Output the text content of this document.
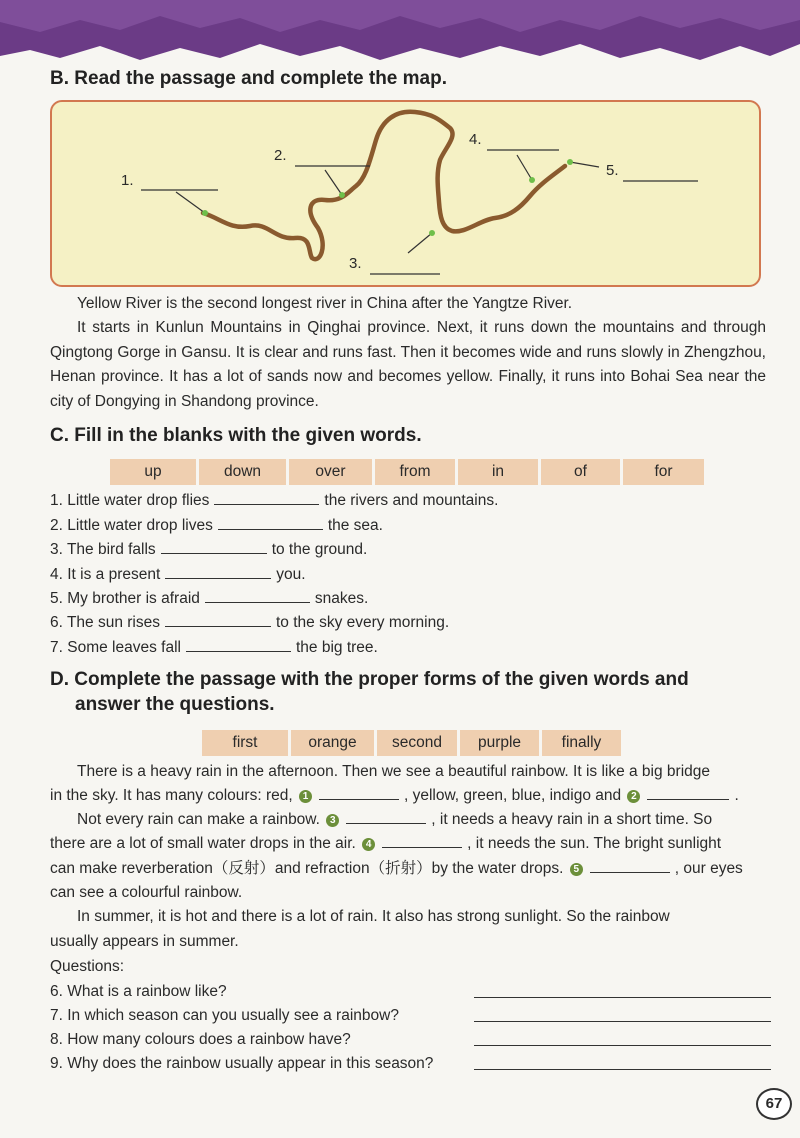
B. Read the passage and complete the map.
1.
2.
3.
4.
5.
Yellow River is the second longest river in China after the Yangtze River.
It starts in Kunlun Mountains in Qinghai province. Next, it runs down the mountains and through Qingtong Gorge in Gansu. It is clear and runs fast. Then it becomes wide and runs slowly in Zhengzhou, Henan province. It has a lot of sands now and becomes yellow. Finally, it runs into Bohai Sea near the city of Dongying in Shandong province.
C. Fill in the blanks with the given words.
up	down	over	from	in	of	for
1. Little water drop flies	the rivers and mountains.
2. Little water drop lives	the sea.
3. The bird falls	to the ground.
4. It is a present	you.
5. My brother is afraid	snakes.
6. The sun rises	to the sky every morning.
7. Some leaves fall	the big tree.
D. Complete the passage with the proper forms of the given words and
answer the questions.
first	orange	second	purple	finally
There is a heavy rain in the afternoon. Then we see a beautiful rainbow. It is like a big bridge
in the sky. It has many colours: red, 1	, yellow, green, blue, indigo and 2	.
Not every rain can make a rainbow. 3	, it needs a heavy rain in a short time. So
there are a lot of small water drops in the air. 4	, it needs the sun. The bright sunlight
can make reverberation（反射）and refraction（折射）by the water drops. 5	, our eyes
can see a colourful rainbow.
In summer, it is hot and there is a lot of rain. It also has strong sunlight. So the rainbow
usually appears in summer.
Questions:
6. What is a rainbow like?
7. In which season can you usually see a rainbow?
8. How many colours does a rainbow have?
9. Why does the rainbow usually appear in this season?
67
